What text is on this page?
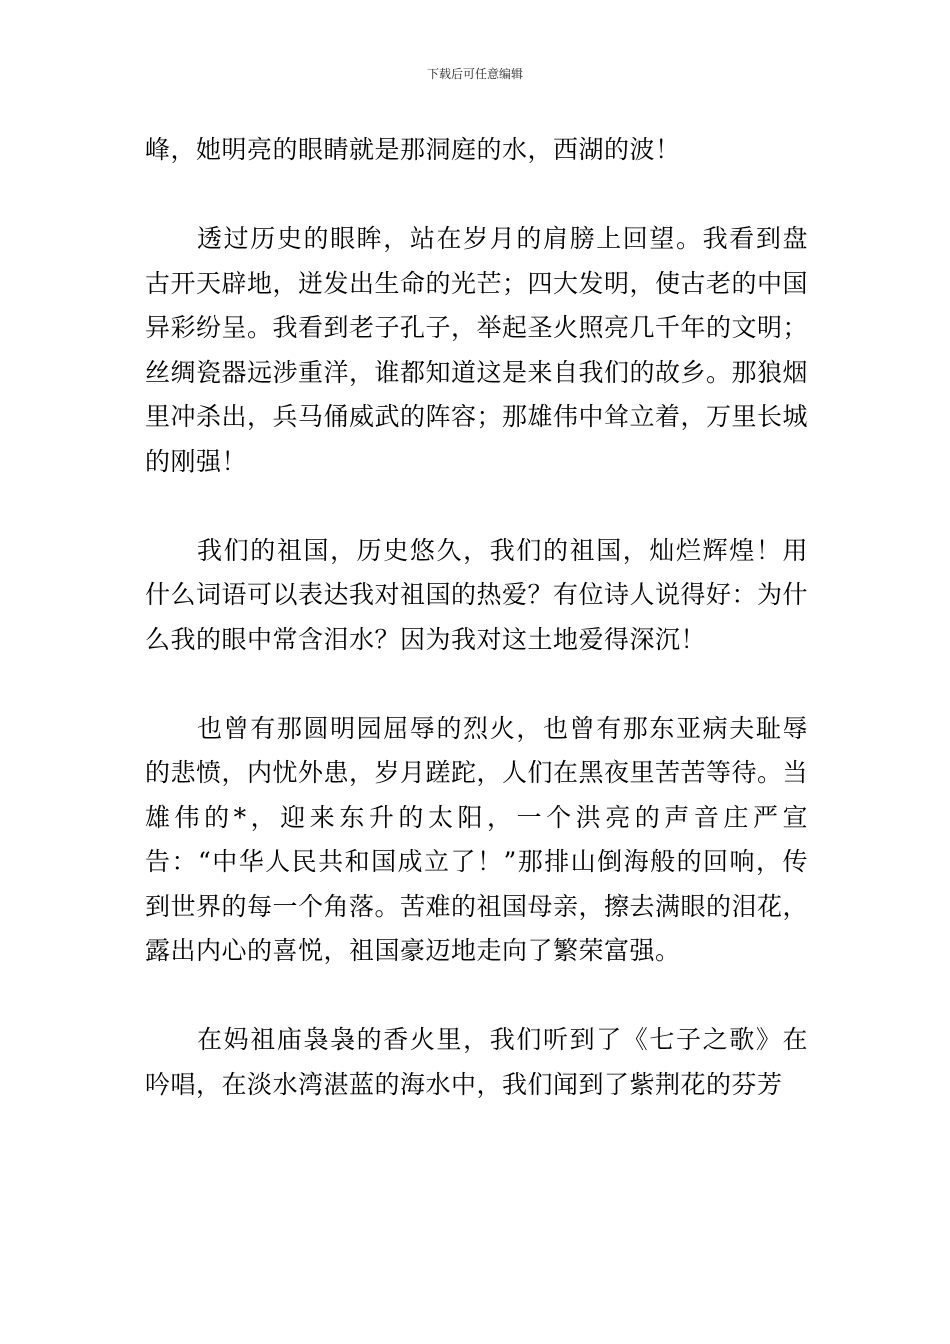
下载后可任意编辑

峰，她明亮的眼睛就是那洞庭的水，西湖的波！

透过历史的眼眸，站在岁月的肩膀上回望。我看到盘古开天辟地，迸发出生命的光芒；四大发明，使古老的中国异彩纷呈。我看到老子孔子，举起圣火照亮几千年的文明；丝绸瓷器远涉重洋，谁都知道这是来自我们的故乡。那狼烟里冲杀出，兵马俑威武的阵容；那雄伟中耸立着，万里长城的刚强！

我们的祖国，历史悠久，我们的祖国，灿烂辉煌！用什么词语可以表达我对祖国的热爱？有位诗人说得好：为什么我的眼中常含泪水？因为我对这土地爱得深沉！

也曾有那圆明园屈辱的烈火，也曾有那东亚病夫耻辱的悲愤，内忧外患，岁月蹉跎，人们在黑夜里苦苦等待。当雄伟的*，迎来东升的太阳，一个洪亮的声音庄严宣告：“中华人民共和国成立了！”那排山倒海般的回响，传到世界的每一个角落。苦难的祖国母亲，擦去满眼的泪花，露出内心的喜悦，祖国豪迈地走向了繁荣富强。

在妈祖庙袅袅的香火里，我们听到了《七子之歌》在吟唱，在淡水湾湛蓝的海水中，我们闻到了紫荆花的芬芳
